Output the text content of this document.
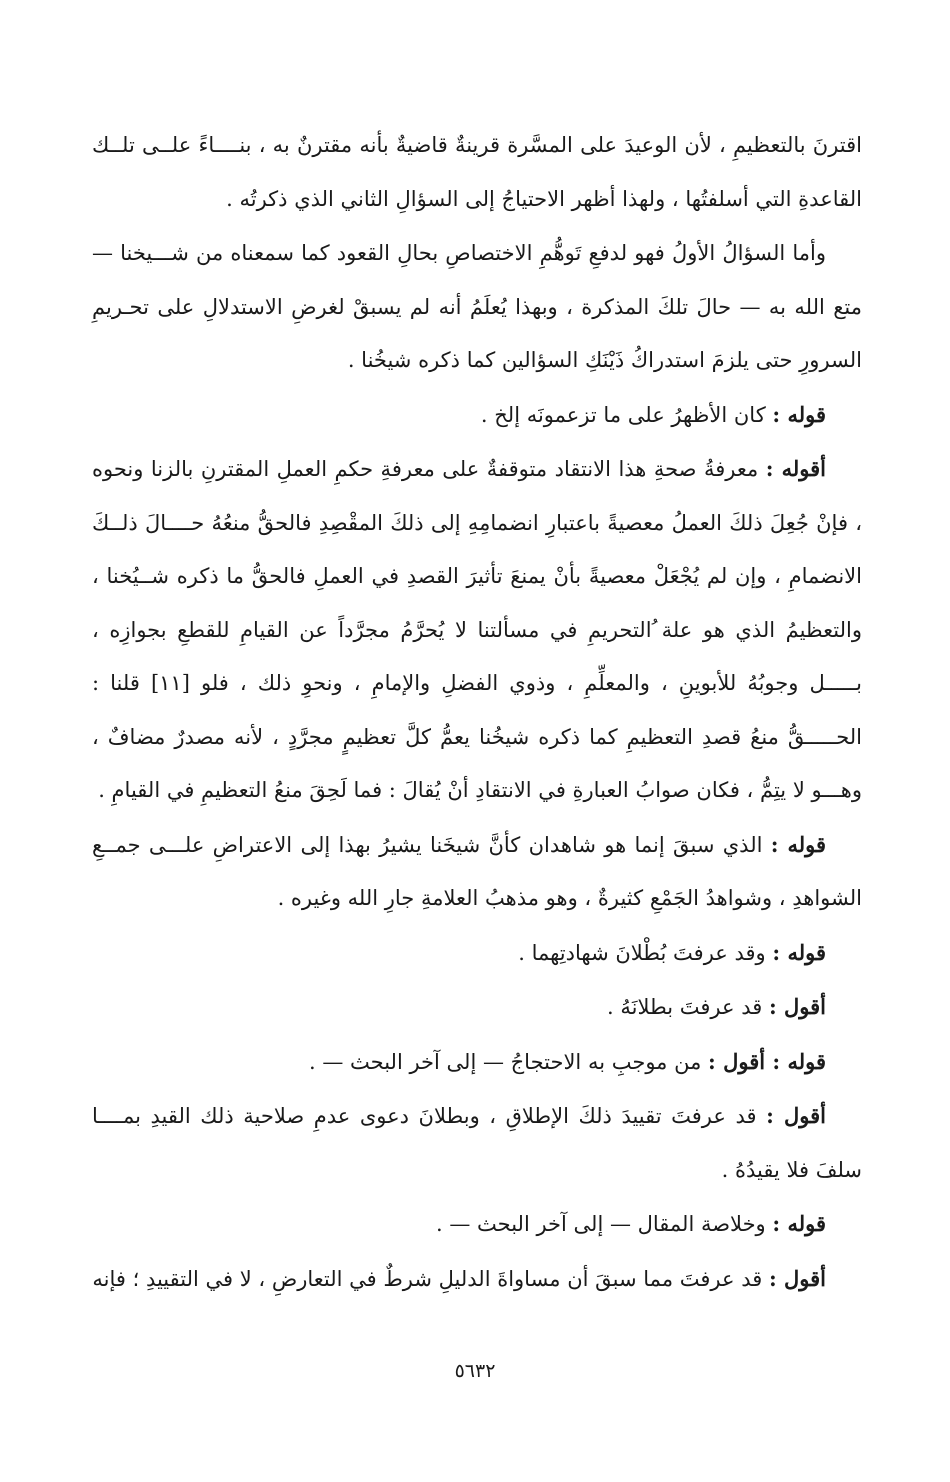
اقترنَ بالتعظيمِ ، لأن الوعيدَ على المسَّرة قرينةٌ قاضيةٌ بأنه مقترنٌ به ، بنــــاءً علــى تلــك القاعدةِ التي أسلفتُها ، ولهذا أظهر الاحتياجُ إلى السؤالِ الثاني الذي ذكرتُه .

وأما السؤالُ الأولُ فهو لدفعِ تَوهُّمِ الاختصاصِ بحالِ القعود كما سمعناه من شـــيخنا — متع الله به — حالَ تلكَ المذكرة ، وبهذا يُعلَمُ أنه لم يسبقْ لغرضِ الاستدلالِ على تحـريمِ السرورِ حتى يلزمَ استدراكُ ذَيْنَكِ السؤالين كما ذكره شيخُنا .

قوله : كان الأظهرُ على ما تزعمونَه إلخ .

أقوله : معرفةُ صحةِ هذا الانتقاد متوقفةٌ على معرفةِ حكمِ العملِ المقترنِ بالزنا ونحوه ، فإنْ جُعِلَ ذلكَ العملُ معصيةً باعتبارِ انضمامِهِ إلى ذلكَ المقْصِدِ فالحقُّ منعُهُ حــــالَ ذلــكَ الانضمامِ ، وإن لم يُجْعَلْ معصيةً بأنْ يمنعَ تأثيرَ القصدِ في العملِ فالحقُّ ما ذكره شــيُخنا ، والتعظيمُ الذي هو علة ُالتحريمِ في مسألتنا لا يُحرَّمُ مجرَّداً عن القيامِ للقطعِ بجوازِه ، بـــــل وجوبُهُ للأبوينِ ، والمعلِّمِ ، وذوي الفضلِ والإمامِ ، ونحوِ ذلك ، فلو [١١] قلنا : الحـــــقُّ منعُ قصدِ التعظيمِ كما ذكره شيخُنا يعمُّ كلَّ تعظيمٍ مجرَّدٍ ، لأنه مصدرٌ مضافٌ ، وهـــو لا يتِمُّ ، فكان صوابُ العبارةِ في الانتقادِ أنْ يُقالَ : فما لَحِقَ منعُ التعظيمِ في القيامِ .

قوله : الذي سبقَ إنما هو شاهدان كأنَّ شيخَنا يشيرُ بهذا إلى الاعتراضِ علـــى جمــعِ الشواهدِ ، وشواهدُ الجَمْعِ كثيرةٌ ، وهو مذهبُ العلامةِ جارِ الله وغيره .

قوله : وقد عرفتَ بُطْلانَ شهادتِهما .

أقول : قد عرفتَ بطلانَهُ .

قوله : أقول : من موجبِ به الاحتجاجُ — إلى آخر البحث — .

أقول : قد عرفتَ تقييدَ ذلكَ الإطلاقِ ، وبطلانَ دعوى عدمِ صلاحية ذلك القيدِ بمــــا سلفَ فلا يقيدُهُ .

قوله : وخلاصة المقال — إلى آخر البحث — .

أقول : قد عرفتَ مما سبقَ أن مساواةَ الدليلِ شرطٌ في التعارضِ ، لا في التقييدِ ؛ فإنه

٥٦٣٢
